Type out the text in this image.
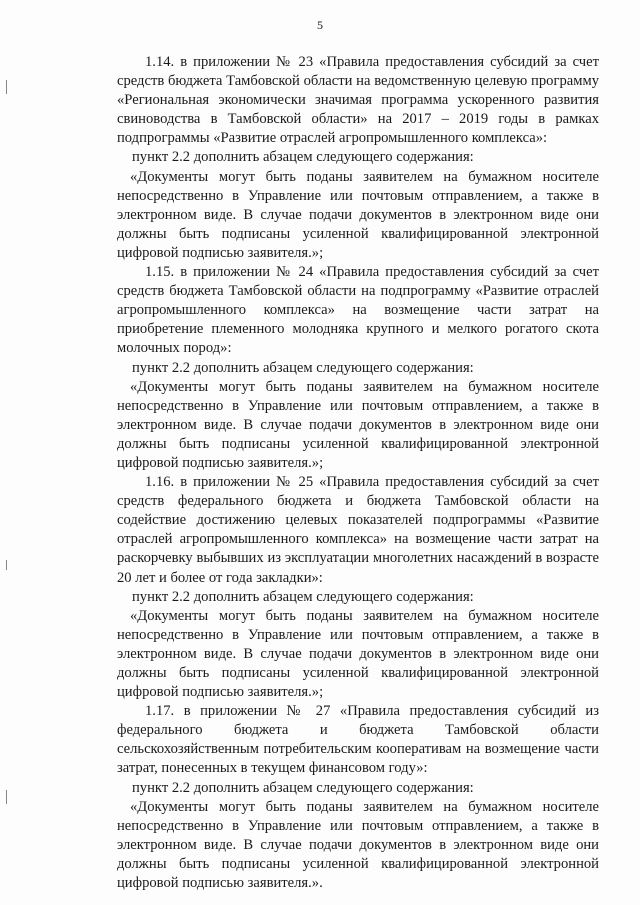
5

1.14. в приложении № 23 «Правила предоставления субсидий за счет средств бюджета Тамбовской области на ведомственную целевую программу «Региональная экономически значимая программа ускоренного развития свиноводства в Тамбовской области» на 2017 – 2019 годы в рамках подпрограммы «Развитие отраслей агропромышленного комплекса»:

пункт 2.2 дополнить абзацем следующего содержания:

«Документы могут быть поданы заявителем на бумажном носителе непосредственно в Управление или почтовым отправлением, а также в электронном виде. В случае подачи документов в электронном виде они должны быть подписаны усиленной квалифицированной электронной цифровой подписью заявителя.»;

1.15. в приложении № 24 «Правила предоставления субсидий за счет средств бюджета Тамбовской области на подпрограмму «Развитие отраслей агропромышленного комплекса» на возмещение части затрат на приобретение племенного молодняка крупного и мелкого рогатого скота молочных пород»:

пункт 2.2 дополнить абзацем следующего содержания:

«Документы могут быть поданы заявителем на бумажном носителе непосредственно в Управление или почтовым отправлением, а также в электронном виде. В случае подачи документов в электронном виде они должны быть подписаны усиленной квалифицированной электронной цифровой подписью заявителя.»;

1.16. в приложении № 25 «Правила предоставления субсидий за счет средств федерального бюджета и бюджета Тамбовской области на содействие достижению целевых показателей подпрограммы «Развитие отраслей агропромышленного комплекса» на возмещение части затрат на раскорчевку выбывших из эксплуатации многолетних насаждений в возрасте 20 лет и более от года закладки»:

пункт 2.2 дополнить абзацем следующего содержания:

«Документы могут быть поданы заявителем на бумажном носителе непосредственно в Управление или почтовым отправлением, а также в электронном виде. В случае подачи документов в электронном виде они должны быть подписаны усиленной квалифицированной электронной цифровой подписью заявителя.»;

1.17. в приложении № 27 «Правила предоставления субсидий из федерального бюджета и бюджета Тамбовской области сельскохозяйственным потребительским кооперативам на возмещение части затрат, понесенных в текущем финансовом году»:

пункт 2.2 дополнить абзацем следующего содержания:

«Документы могут быть поданы заявителем на бумажном носителе непосредственно в Управление или почтовым отправлением, а также в электронном виде. В случае подачи документов в электронном виде они должны быть подписаны усиленной квалифицированной электронной цифровой подписью заявителя.».
